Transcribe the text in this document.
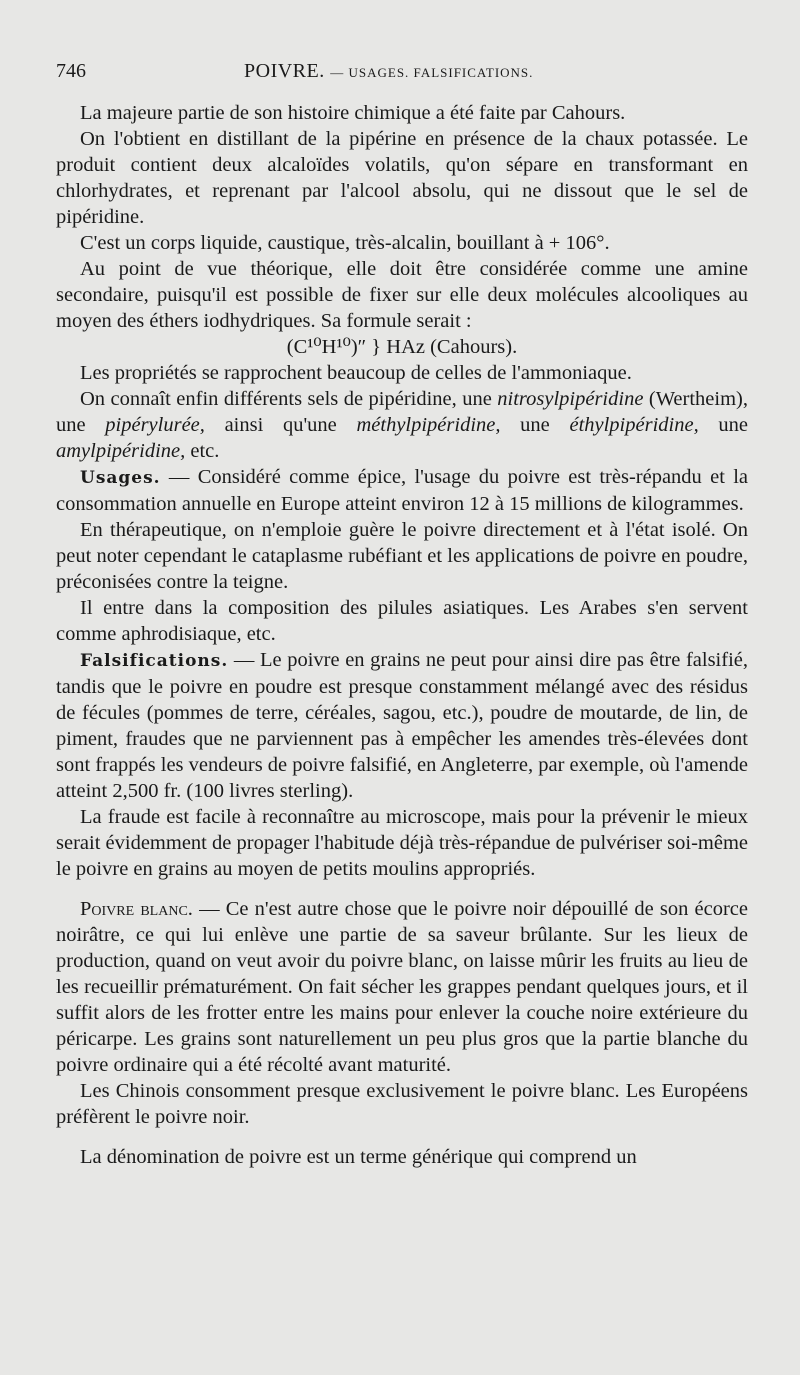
746	POIVRE. — USAGES. FALSIFICATIONS.

La majeure partie de son histoire chimique a été faite par Cahours.

On l'obtient en distillant de la pipérine en présence de la chaux potassée. Le produit contient deux alcaloïdes volatils, qu'on sépare en transformant en chlorhydrates, et reprenant par l'alcool absolu, qui ne dissout que le sel de pipéridine.

C'est un corps liquide, caustique, très-alcalin, bouillant à + 106°.

Au point de vue théorique, elle doit être considérée comme une amine secondaire, puisqu'il est possible de fixer sur elle deux molécules alcooliques au moyen des éthers iodhydriques. Sa formule serait :

(C¹⁰H¹⁰)″ } HAz (Cahours).

Les propriétés se rapprochent beaucoup de celles de l'ammoniaque.

On connaît enfin différents sels de pipéridine, une nitrosylpipéridine (Wertheim), une pipérylurée, ainsi qu'une méthylpipéridine, une éthylpipéridine, une amylpipéridine, etc.

Usages. — Considéré comme épice, l'usage du poivre est très-répandu et la consommation annuelle en Europe atteint environ 12 à 15 millions de kilogrammes.

En thérapeutique, on n'emploie guère le poivre directement et à l'état isolé. On peut noter cependant le cataplasme rubéfiant et les applications de poivre en poudre, préconisées contre la teigne.

Il entre dans la composition des pilules asiatiques. Les Arabes s'en servent comme aphrodisiaque, etc.

Falsifications. — Le poivre en grains ne peut pour ainsi dire pas être falsifié, tandis que le poivre en poudre est presque constamment mélangé avec des résidus de fécules (pommes de terre, céréales, sagou, etc.), poudre de moutarde, de lin, de piment, fraudes que ne parviennent pas à empêcher les amendes très-élevées dont sont frappés les vendeurs de poivre falsifié, en Angleterre, par exemple, où l'amende atteint 2,500 fr. (100 livres sterling).

La fraude est facile à reconnaître au microscope, mais pour la prévenir le mieux serait évidemment de propager l'habitude déjà très-répandue de pulvériser soi-même le poivre en grains au moyen de petits moulins appropriés.

Poivre blanc. — Ce n'est autre chose que le poivre noir dépouillé de son écorce noirâtre, ce qui lui enlève une partie de sa saveur brûlante. Sur les lieux de production, quand on veut avoir du poivre blanc, on laisse mûrir les fruits au lieu de les recueillir prématurément. On fait sécher les grappes pendant quelques jours, et il suffit alors de les frotter entre les mains pour enlever la couche noire extérieure du péricarpe. Les grains sont naturellement un peu plus gros que la partie blanche du poivre ordinaire qui a été récolté avant maturité.

Les Chinois consomment presque exclusivement le poivre blanc. Les Européens préfèrent le poivre noir.

La dénomination de poivre est un terme générique qui comprend un
